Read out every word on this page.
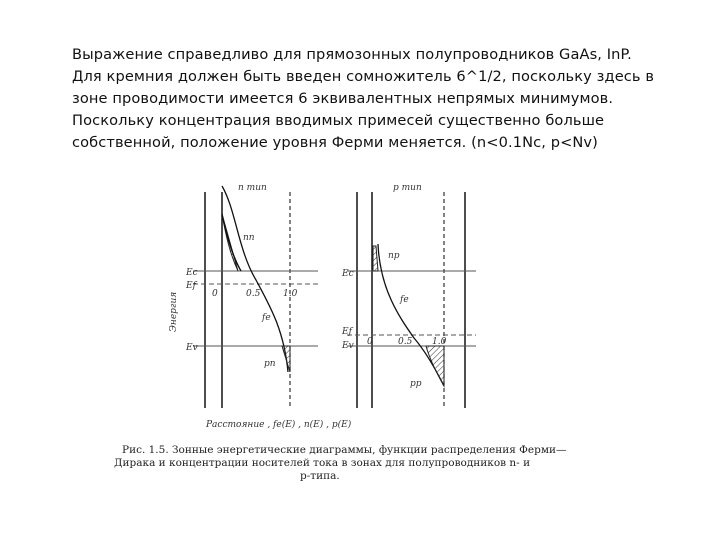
Выражение справедливо для прямозонных полупроводников GaAs, InP.
Для кремния должен быть введен сомножитель 6^1/2, поскольку здесь в
зоне проводимости имеется 6 эквивалентных непрямых минимумов.
Поскольку концентрация вводимых примесей существенно больше
собственной, положение уровня Ферми меняется. (n<0.1Nc, p<Nv)
n тип
Ec
Ef
Ev
0	0.5	1.0
nn
fe
pn
p тип
Ec
Ef
Ev 0	0.5 1.0
np
fe
pp
Энергия
Расстояние , fe(E) , n(E) , p(E)
Рис. 1.5. Зонные энергетические диаграммы, функции распределения Ферми—
Дирака и концентрации носителей тока в зонах для полупроводников n- и
p-типа.
